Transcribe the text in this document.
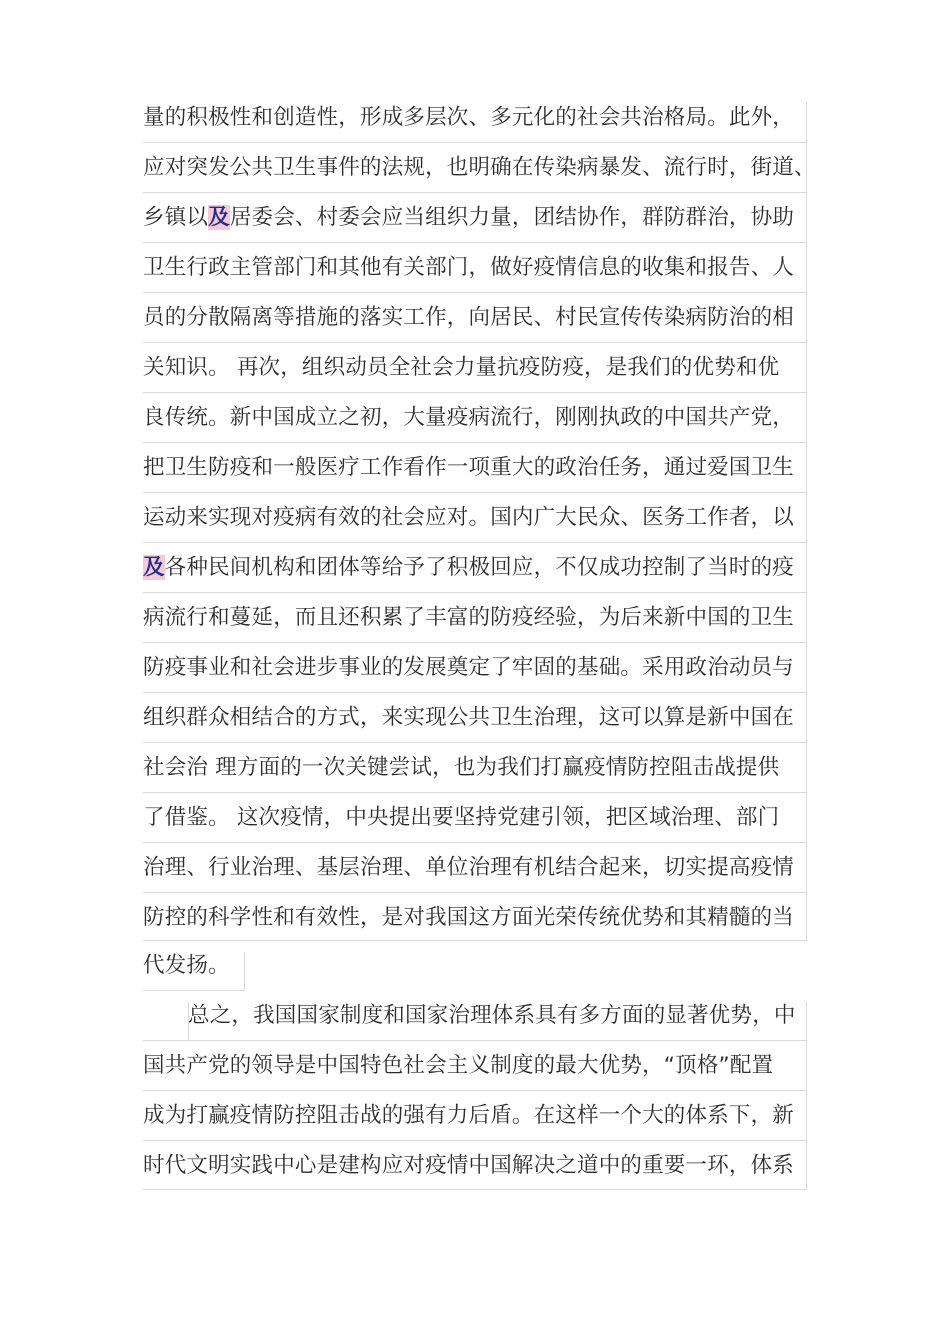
量的积极性和创造性，形成多层次、多元化的社会共治格局。此外，
应对突发公共卫生事件的法规，也明确在传染病暴发、流行时，街道、
乡镇以及居委会、村委会应当组织力量，团结协作，群防群治，协助
卫生行政主管部门和其他有关部门，做好疫情信息的收集和报告、人
员的分散隔离等措施的落实工作，向居民、村民宣传传染病防治的相
关知识。 再次，组织动员全社会力量抗疫防疫，是我们的优势和优
良传统。新中国成立之初，大量疫病流行，刚刚执政的中国共产党，
把卫生防疫和一般医疗工作看作一项重大的政治任务，通过爱国卫生
运动来实现对疫病有效的社会应对。国内广大民众、医务工作者，以
及各种民间机构和团体等给予了积极回应，不仅成功控制了当时的疫
病流行和蔓延，而且还积累了丰富的防疫经验，为后来新中国的卫生
防疫事业和社会进步事业的发展奠定了牢固的基础。采用政治动员与
组织群众相结合的方式，来实现公共卫生治理，这可以算是新中国在
社会治 理方面的一次关键尝试，也为我们打赢疫情防控阻击战提供
了借鉴。 这次疫情，中央提出要坚持党建引领，把区域治理、部门
治理、行业治理、基层治理、单位治理有机结合起来，切实提高疫情
防控的科学性和有效性，是对我国这方面光荣传统优势和其精髓的当
代发扬。
总之，我国国家制度和国家治理体系具有多方面的显著优势，中
国共产党的领导是中国特色社会主义制度的最大优势，“顶格”配置
成为打赢疫情防控阻击战的强有力后盾。在这样一个大的体系下，新
时代文明实践中心是建构应对疫情中国解决之道中的重要一环，体系
